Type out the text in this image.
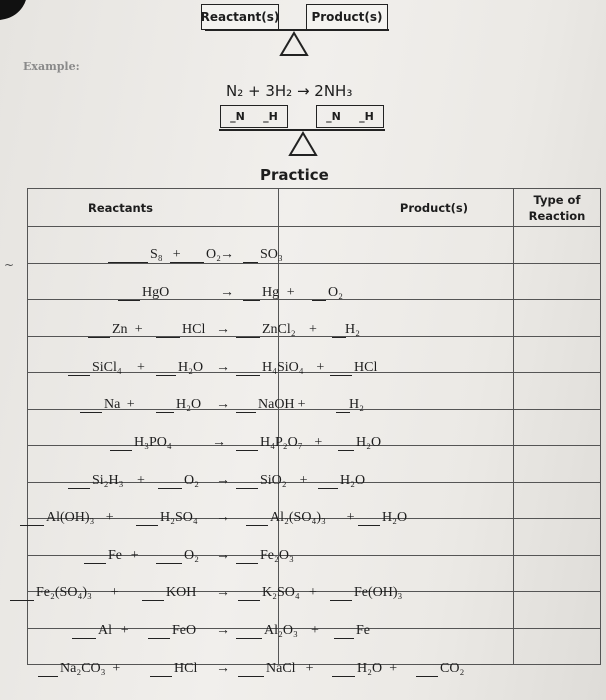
Reactant(s)	Product(s)
Example:
N₂ + 3H₂ → 2NH₃
_N _H	_N _H
Practice
Reactants	Product(s)	Type of
Reaction

S₈ + O₂ → SO₃
HgO	→ Hg + O₂
Zn +	HCl → ZnCl₂ + H₂
SiCl₄ + H₂O → H₄SiO₄ + HCl
Na +	H₂O → NaOH +	H₂
H₃PO₄	→ H₄P₂O₇ + H₂O
Si₂H₃ +	O₂ → SiO₂ + H₂O
Al(OH)₃ +	H₂SO₄ →	Al₂(SO₄)₃ + H₂O
Fe +	O₂ → Fe₂O₃
Fe₂(SO₄)₃ +	KOH → K₂SO₄ +	Fe(OH)₃
Al +	FeO → Al₂O₃ +	Fe
Na₂CO₃ +	HCl →	NaCl +	H₂O +	CO₂
~
